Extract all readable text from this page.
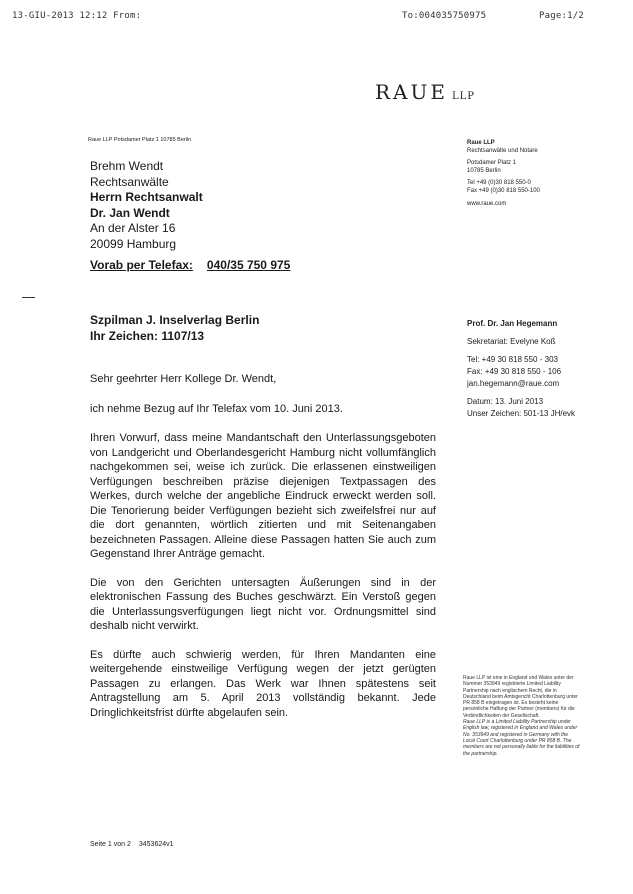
13-GIU-2013 12:12 From:	To:004035750975	Page:1/2
RAUE LLP
Raue LLP Potsdamer Platz 1 10785 Berlin
Brehm Wendt
Rechtsanwälte
Herrn Rechtsanwalt
Dr. Jan Wendt
An der Alster 16
20099 Hamburg
Vorab per Telefax: 040/35 750 975
Raue LLP
Rechtsanwälte und Notare
Potsdamer Platz 1
10785 Berlin
Tel +49 (0)30 818 550-0
Fax +49 (0)30 818 550-100
www.raue.com
Szpilman J. Inselverlag Berlin
Ihr Zeichen: 1107/13
Prof. Dr. Jan Hegemann
Sekretariat: Evelyne Koß
Tel: +49 30 818 550 - 303
Fax: +49 30 818 550 - 106
jan.hegemann@raue.com
Datum: 13. Juni 2013
Unser Zeichen: 501-13 JH/evk

Sehr geehrter Herr Kollege Dr. Wendt,

ich nehme Bezug auf Ihr Telefax vom 10. Juni 2013.

Ihren Vorwurf, dass meine Mandantschaft den Unterlassungsgeboten von Landgericht und Oberlandesgericht Hamburg nicht vollumfänglich nachgekommen sei, weise ich zurück. Die erlassenen einstweiligen Verfügungen beschreiben präzise diejenigen Textpassagen des Werkes, durch welche der angebliche Eindruck erweckt werden soll. Die Tenorierung beider Verfügungen bezieht sich zweifelsfrei nur auf die dort genannten, wörtlich zitierten und mit Seitenangaben bezeichneten Passagen. Alleine diese Passagen hatten Sie auch zum Gegenstand Ihrer Anträge gemacht.

Die von den Gerichten untersagten Äußerungen sind in der elektronischen Fassung des Buches geschwärzt. Ein Verstoß gegen die Unterlassungsverfügungen liegt nicht vor. Ordnungsmittel sind deshalb nicht verwirkt.

Es dürfte auch schwierig werden, für Ihren Mandanten eine weitergehende einstweilige Verfügung wegen der jetzt gerügten Passagen zu erlangen. Das Werk war Ihnen spätestens seit Antragstellung am 5. April 2013 vollständig bekannt. Jede Dringlichkeitsfrist dürfte abgelaufen sein.

Raue LLP ist eine in England und Wales unter der Nummer 353949 registrierte Limited Liability Partnership nach englischem Recht, die in Deutschland beim Amtsgericht Charlottenburg unter PR 858 B eingetragen ist. Es besteht keine persönliche Haftung der Partner (members) für die Verbindlichkeiten der Gesellschaft.

Raue LLP is a Limited Liability Partnership under English law, registered in England and Wales under No. 353949 and registered in Germany with the Local Court Charlottenburg under PR 858 B. The members are not personally liable for the liabilities of the partnership.

Seite 1 von 2 3453624v1
